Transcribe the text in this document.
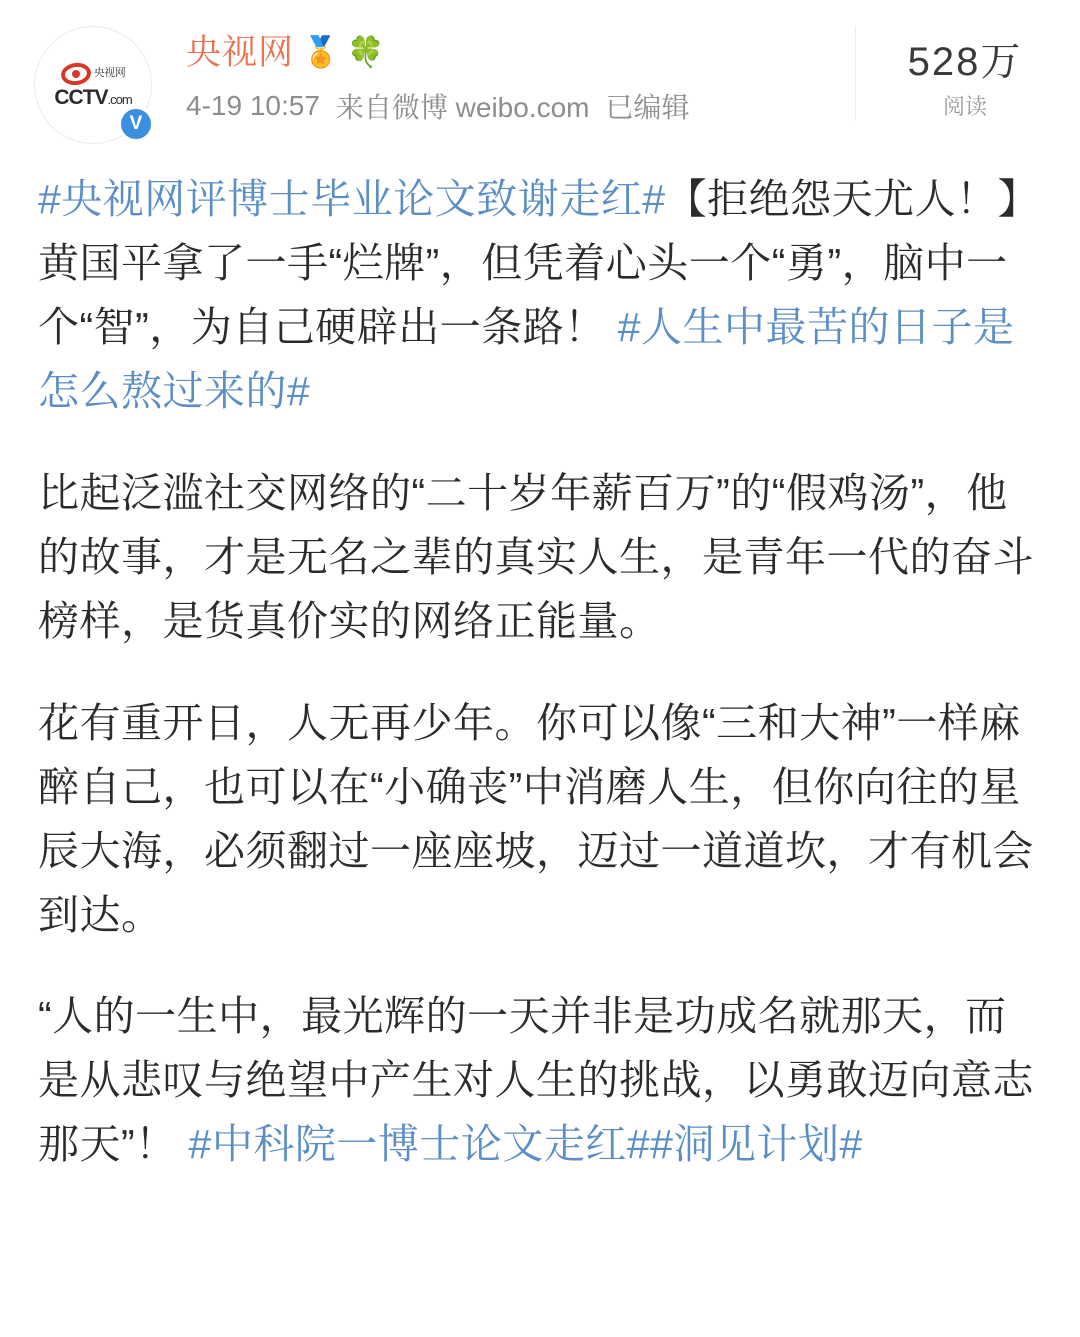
央视网
CCTV.com
V
央视网 🏅 🍀
4-19 10:57 来自微博 weibo.com 已编辑
528万
阅读

#央视网评博士毕业论文致谢走红#【拒绝怨天尤人！】黄国平拿了一手“烂牌”，但凭着心头一个“勇”，脑中一个“智”，为自己硬辟出一条路！ #人生中最苦的日子是怎么熬过来的#

比起泛滥社交网络的“二十岁年薪百万”的“假鸡汤”，他的故事，才是无名之辈的真实人生，是青年一代的奋斗榜样，是货真价实的网络正能量。

花有重开日，人无再少年。你可以像“三和大神”一样麻醉自己，也可以在“小确丧”中消磨人生，但你向往的星辰大海，必须翻过一座座坡，迈过一道道坎，才有机会到达。

“人的一生中，最光辉的一天并非是功成名就那天，而是从悲叹与绝望中产生对人生的挑战，以勇敢迈向意志那天”！ #中科院一博士论文走红##洞见计划#
